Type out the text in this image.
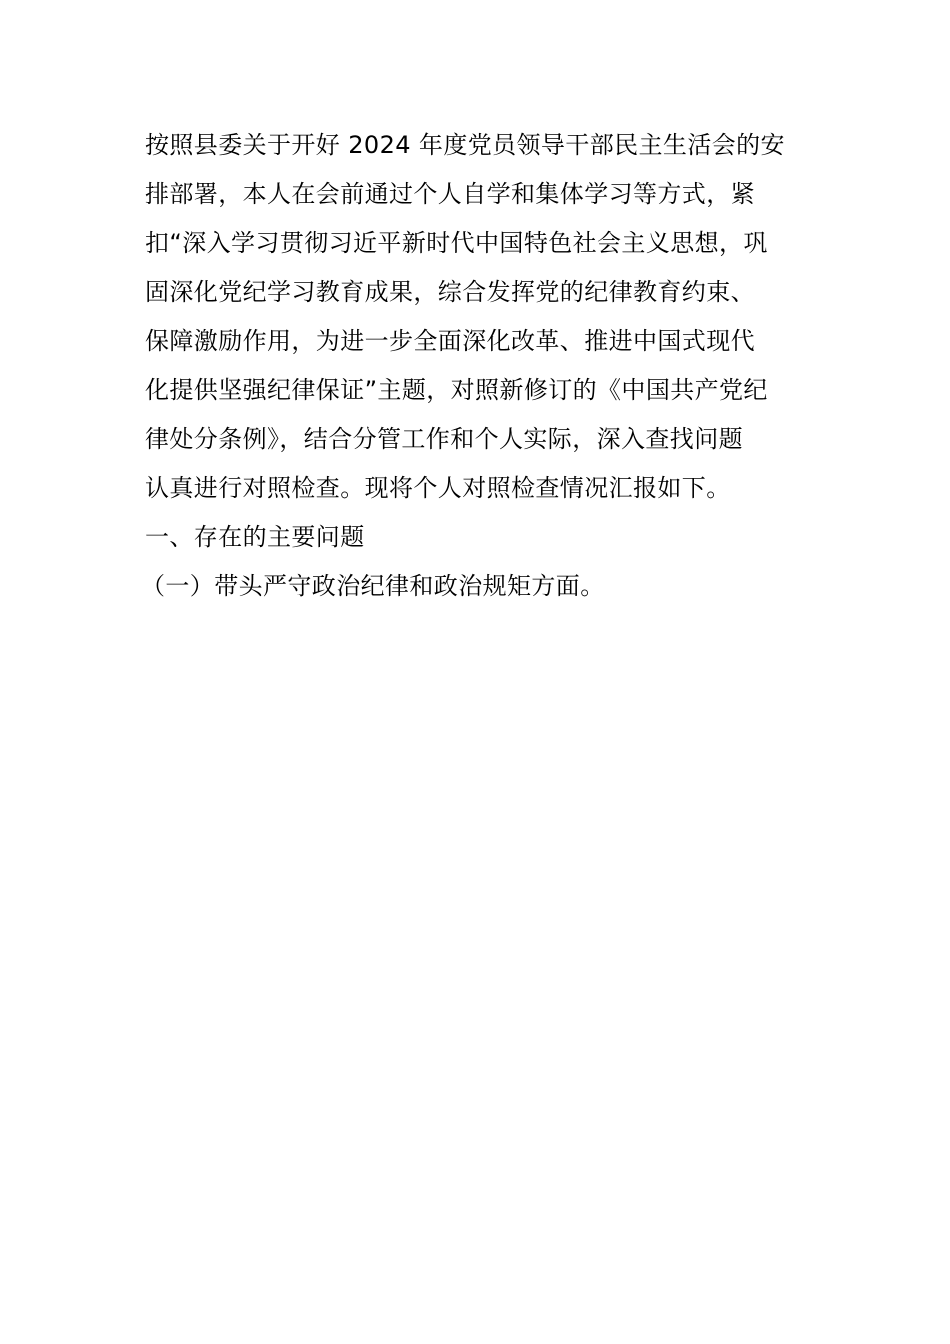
按照县委关于开好 2024 年度党员领导干部民主生活会的安
排部署，本人在会前通过个人自学和集体学习等方式，紧
扣“深入学习贯彻习近平新时代中国特色社会主义思想，巩
固深化党纪学习教育成果，综合发挥党的纪律教育约束、
保障激励作用，为进一步全面深化改革、推进中国式现代
化提供坚强纪律保证”主题，对照新修订的《中国共产党纪
律处分条例》，结合分管工作和个人实际，深入查找问题
认真进行对照检查。现将个人对照检查情况汇报如下。
一、存在的主要问题
（一）带头严守政治纪律和政治规矩方面。
